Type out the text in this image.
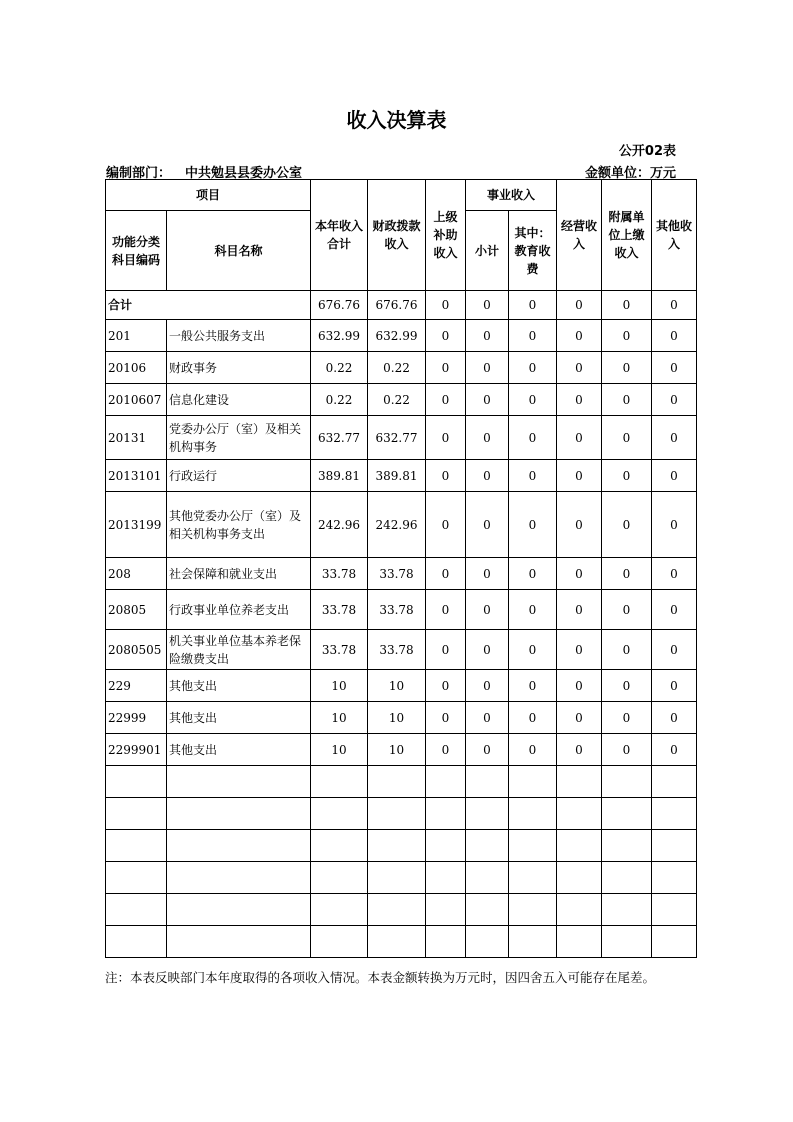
收入决算表
公开02表
编制部门： 中共勉县县委办公室	金额单位：万元
项目		本年收入合计	财政拨款收入	上级补助收入	事业收入		经营收入	附属单位上缴收入	其他收入
功能分类科目编码	科目名称				小计	其中：教育收费			
合计		676.76	676.76	0	0	0	0	0	0
201	一般公共服务支出	632.99	632.99	0	0	0	0	0	0
20106	财政事务	0.22	0.22	0	0	0	0	0	0
2010607	信息化建设	0.22	0.22	0	0	0	0	0	0
20131	党委办公厅（室）及相关机构事务	632.77	632.77	0	0	0	0	0	0
2013101	行政运行	389.81	389.81	0	0	0	0	0	0
2013199	其他党委办公厅（室）及相关机构事务支出	242.96	242.96	0	0	0	0	0	0
208	社会保障和就业支出	33.78	33.78	0	0	0	0	0	0
20805	行政事业单位养老支出	33.78	33.78	0	0	0	0	0	0
2080505	机关事业单位基本养老保险缴费支出	33.78	33.78	0	0	0	0	0	0
229	其他支出	10	10	0	0	0	0	0	0
22999	其他支出	10	10	0	0	0	0	0	0
2299901	其他支出	10	10	0	0	0	0	0	0

注：本表反映部门本年度取得的各项收入情况。本表金额转换为万元时，因四舍五入可能存在尾差。
